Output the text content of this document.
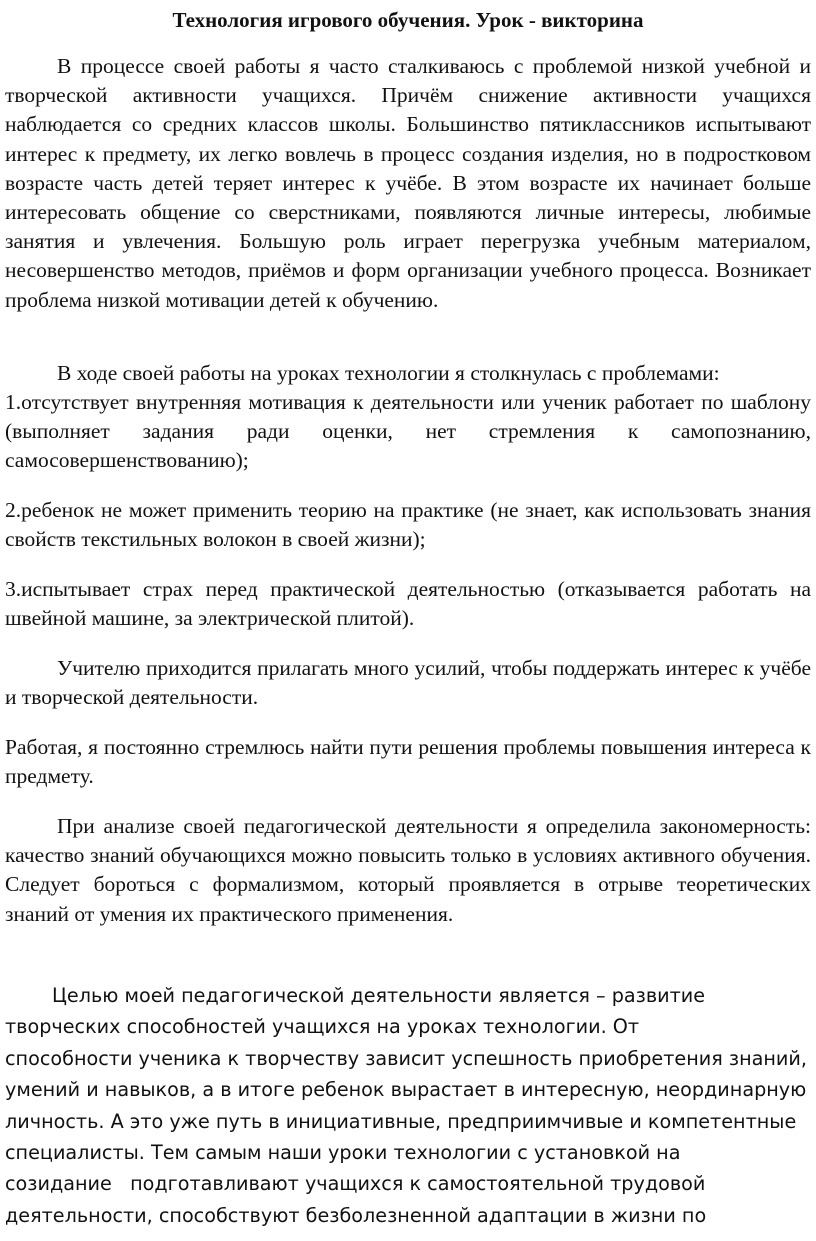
Технология игрового обучения. Урок - викторина

В процессе своей работы я часто сталкиваюсь с проблемой низкой учебной и творческой активности учащихся. Причём снижение активности учащихся наблюдается со средних классов школы. Большинство пятиклассников испытывают интерес к предмету, их легко вовлечь в процесс создания изделия, но в подростковом возрасте часть детей теряет интерес к учёбе. В этом возрасте их начинает больше интересовать общение со сверстниками, появляются личные интересы, любимые занятия и увлечения. Большую роль играет перегрузка учебным материалом, несовершенство методов, приёмов и форм организации учебного процесса. Возникает проблема низкой мотивации детей к обучению.

В ходе своей работы на уроках технологии я столкнулась с проблемами:

1.отсутствует внутренняя мотивация к деятельности или ученик работает по шаблону (выполняет задания ради оценки, нет стремления к самопознанию, самосовершенствованию);

2.ребенок не может применить теорию на практике (не знает, как использовать знания свойств текстильных волокон в своей жизни);

3.испытывает страх перед практической деятельностью (отказывается работать на швейной машине, за электрической плитой).

Учителю приходится прилагать много усилий, чтобы поддержать интерес к учёбе и творческой деятельности.

Работая, я постоянно стремлюсь найти пути решения проблемы повышения интереса к предмету.

При анализе своей педагогической деятельности я определила закономерность: качество знаний обучающихся можно повысить только в условиях активного обучения. Следует бороться с формализмом, который проявляется в отрыве теоретических знаний от умения их практического применения.

Целью моей педагогической деятельности является – развитие
творческих способностей учащихся на уроках технологии. От
способности ученика к творчеству зависит успешность приобретения знаний,
умений и навыков, а в итоге ребенок вырастает в интересную, неординарную
личность. А это уже путь в инициативные, предприимчивые и компетентные
специалисты. Тем самым наши уроки технологии с установкой на
созидание   подготавливают учащихся к самостоятельной трудовой
деятельности, способствуют безболезненной адаптации в жизни по
